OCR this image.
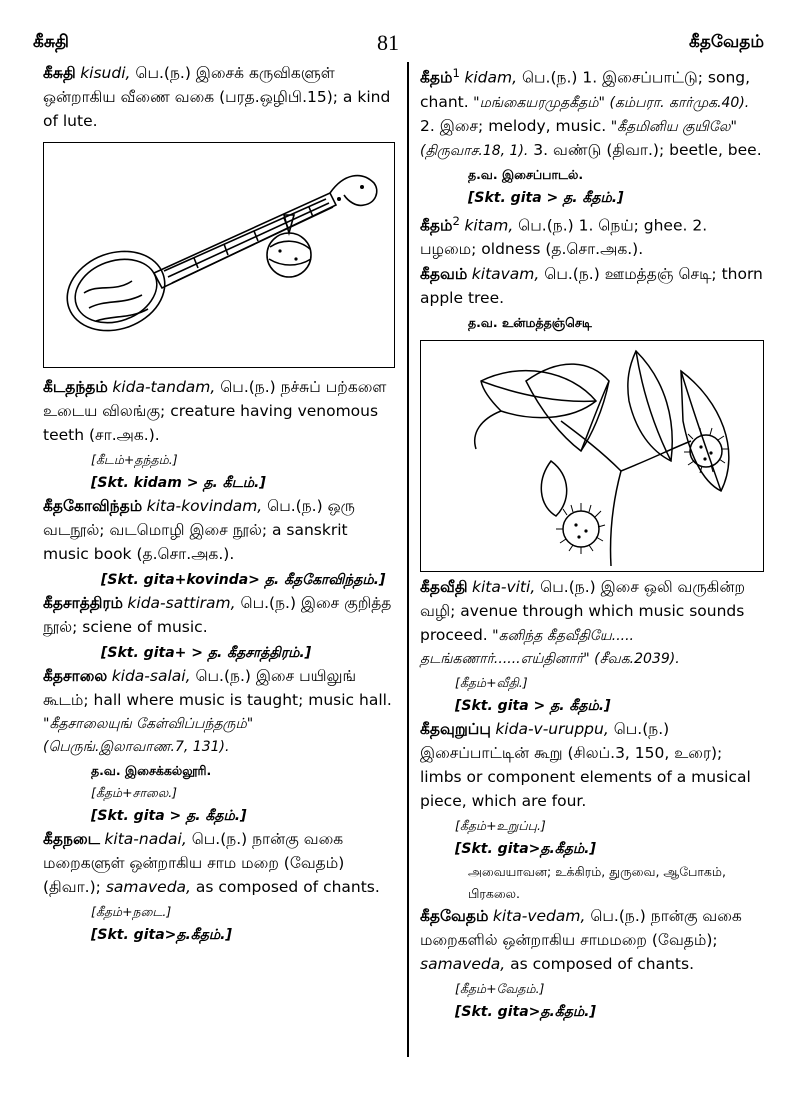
கீசுதி	81	கீதவேதம்
கீசுதி kisudi, பெ.(ந.) இசைக் கருவிகளுள் ஒன்றாகிய வீணை வகை (பரத.ஒழிபி.15); a kind of lute.
கீடதந்தம் kida-tandam, பெ.(ந.) நச்சுப் பற்களை உடைய விலங்கு; creature having venomous teeth (சா.அக.).
[கீடம்+தந்தம்.]
[Skt. kidam > த. கீடம்.]
கீதகோவிந்தம் kita-kovindam, பெ.(ந.) ஒரு வடநூல்; வடமொழி இசை நூல்; a sanskrit music book (த.சொ.அக.).
[Skt. gita+kovinda> த. கீதகோவிந்தம்.]
கீதசாத்திரம் kida-sattiram, பெ.(ந.) இசை குறித்த நூல்; sciene of music.
[Skt. gita+ > த. கீதசாத்திரம்.]
கீதசாலை kida-salai, பெ.(ந.) இசை பயிலுங் கூடம்; hall where music is taught; music hall. "கீதசாலையுங் கேள்விப்பந்தரும்" (பெருங்.இலாவாண.7, 131).
த.வ. இசைக்கல்லூரி.
[கீதம்+சாலை.]
[Skt. gita > த. கீதம்.]
கீதநடை kita-nadai, பெ.(ந.) நான்கு வகை மறைகளுள் ஒன்றாகிய சாம மறை (வேதம்) (திவா.); samaveda, as composed of chants.
[கீதம்+நடை.]
[Skt. gita>த.கீதம்.]
கீதம்$^1$ kidam, பெ.(ந.) 1. இசைப்பாட்டு; song, chant. "மங்கையரமுதகீதம்" (கம்பரா. கார்முக.40). 2. இசை; melody, music. "கீதமினிய குயிலே" (திருவாச.18, 1). 3. வண்டு (திவா.); beetle, bee.
த.வ. இசைப்பாடல்.
[Skt. gita > த. கீதம்.]
கீதம்$^2$ kitam, பெ.(ந.) 1. நெய்; ghee. 2. பழமை; oldness (த.சொ.அக.).
கீதவம் kitavam, பெ.(ந.) ஊமத்தஞ் செடி; thorn apple tree.
த.வ. உன்மத்தஞ்செடி
கீதவீதி kita-viti, பெ.(ந.) இசை ஒலி வருகின்ற வழி; avenue through which music sounds proceed. "கனிந்த கீதவீதியே..... தடங்கணார்......எய்தினார்" (சீவக.2039).
[கீதம்+வீதி.]
[Skt. gita > த. கீதம்.]
கீதவுறுப்பு kida-v-uruppu, பெ.(ந.) இசைப்பாட்டின் கூறு (சிலப்.3, 150, உரை); limbs or component elements of a musical piece, which are four.
[கீதம்+உறுப்பு.]
[Skt. gita>த.கீதம்.]
அவையாவன; உக்கிரம், துருவை, ஆபோகம், பிரகலை.
கீதவேதம் kita-vedam, பெ.(ந.) நான்கு வகை மறைகளில் ஒன்றாகிய சாமமறை (வேதம்); samaveda, as composed of chants.
[கீதம்+வேதம்.]
[Skt. gita>த.கீதம்.]
